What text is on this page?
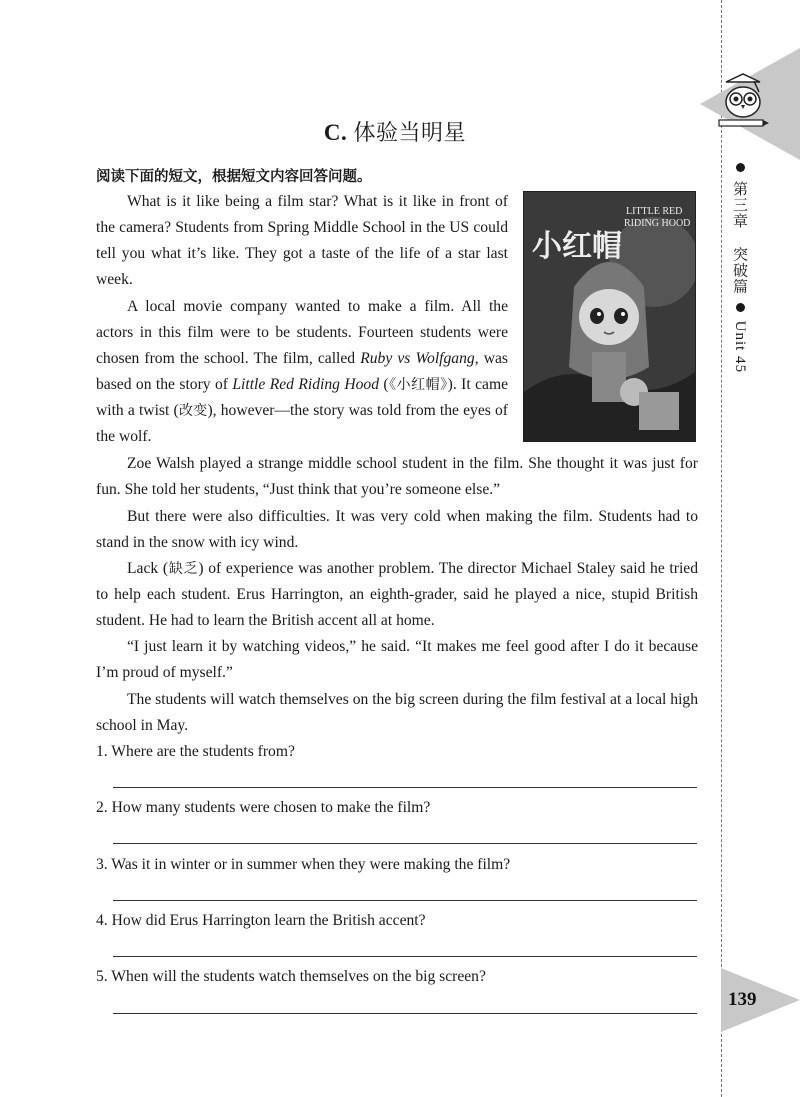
第三章   突破篇  Unit 45
139
C. 体验当明星
阅读下面的短文，根据短文内容回答问题。
小红帽
LITTLE RED
RIDING HOOD

What is it like being a film star? What is it like in front of the camera? Students from Spring Middle School in the US could tell you what it’s like. They got a taste of the life of a star last week.

A local movie company wanted to make a film. All the actors in this film were to be students. Fourteen students were chosen from the school. The film, called Ruby vs Wolfgang, was based on the story of Little Red Riding Hood (《小红帽》). It came with a twist (改变), however—the story was told from the eyes of the wolf.

Zoe Walsh played a strange middle school student in the film. She thought it was just for fun. She told her students, “Just think that you’re someone else.”

But there were also difficulties. It was very cold when making the film. Students had to stand in the snow with icy wind.

Lack (缺乏) of experience was another problem. The director Michael Staley said he tried to help each student. Erus Harrington, an eighth-grader, said he played a nice, stupid British student. He had to learn the British accent all at home.

“I just learn it by watching videos,” he said. “It makes me feel good after I do it because I’m proud of myself.”

The students will watch themselves on the big screen during the film festival at a local high school in May.

1. Where are the students from?
2. How many students were chosen to make the film?
3. Was it in winter or in summer when they were making the film?
4. How did Erus Harrington learn the British accent?
5. When will the students watch themselves on the big screen?
